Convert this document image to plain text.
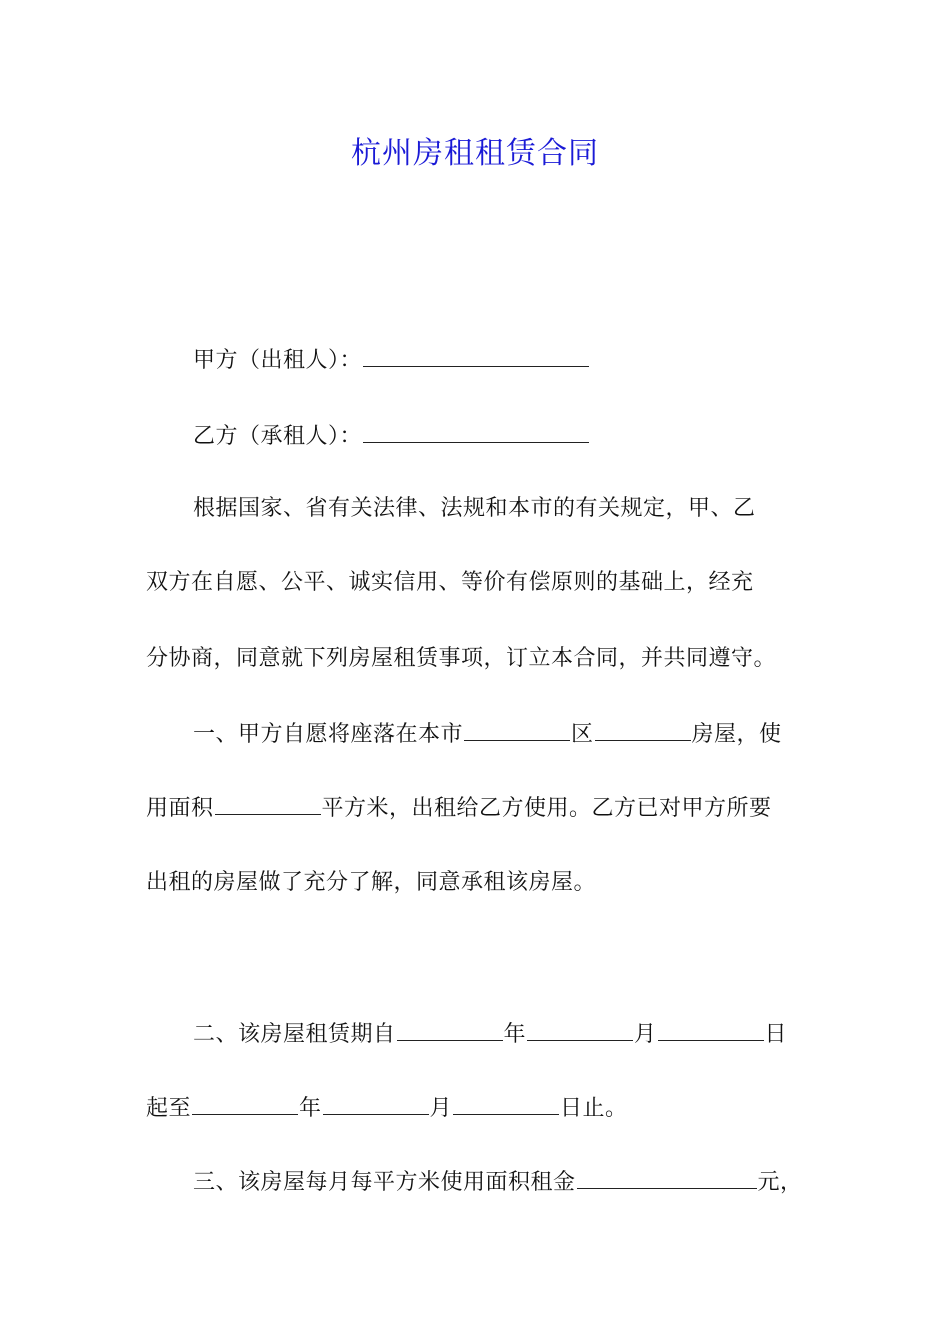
杭州房租租赁合同
甲方（出租人）：
乙方（承租人）：
根据国家、省有关法律、法规和本市的有关规定，甲、乙
双方在自愿、公平、诚实信用、等价有偿原则的基础上，经充
分协商，同意就下列房屋租赁事项，订立本合同，并共同遵守。
一、甲方自愿将座落在本市	区	房屋，使
用面积	平方米，出租给乙方使用。乙方已对甲方所要
出租的房屋做了充分了解，同意承租该房屋。
二、该房屋租赁期自	年	月	日
起至	年	月	日止。
三、该房屋每月每平方米使用面积租金	元，
